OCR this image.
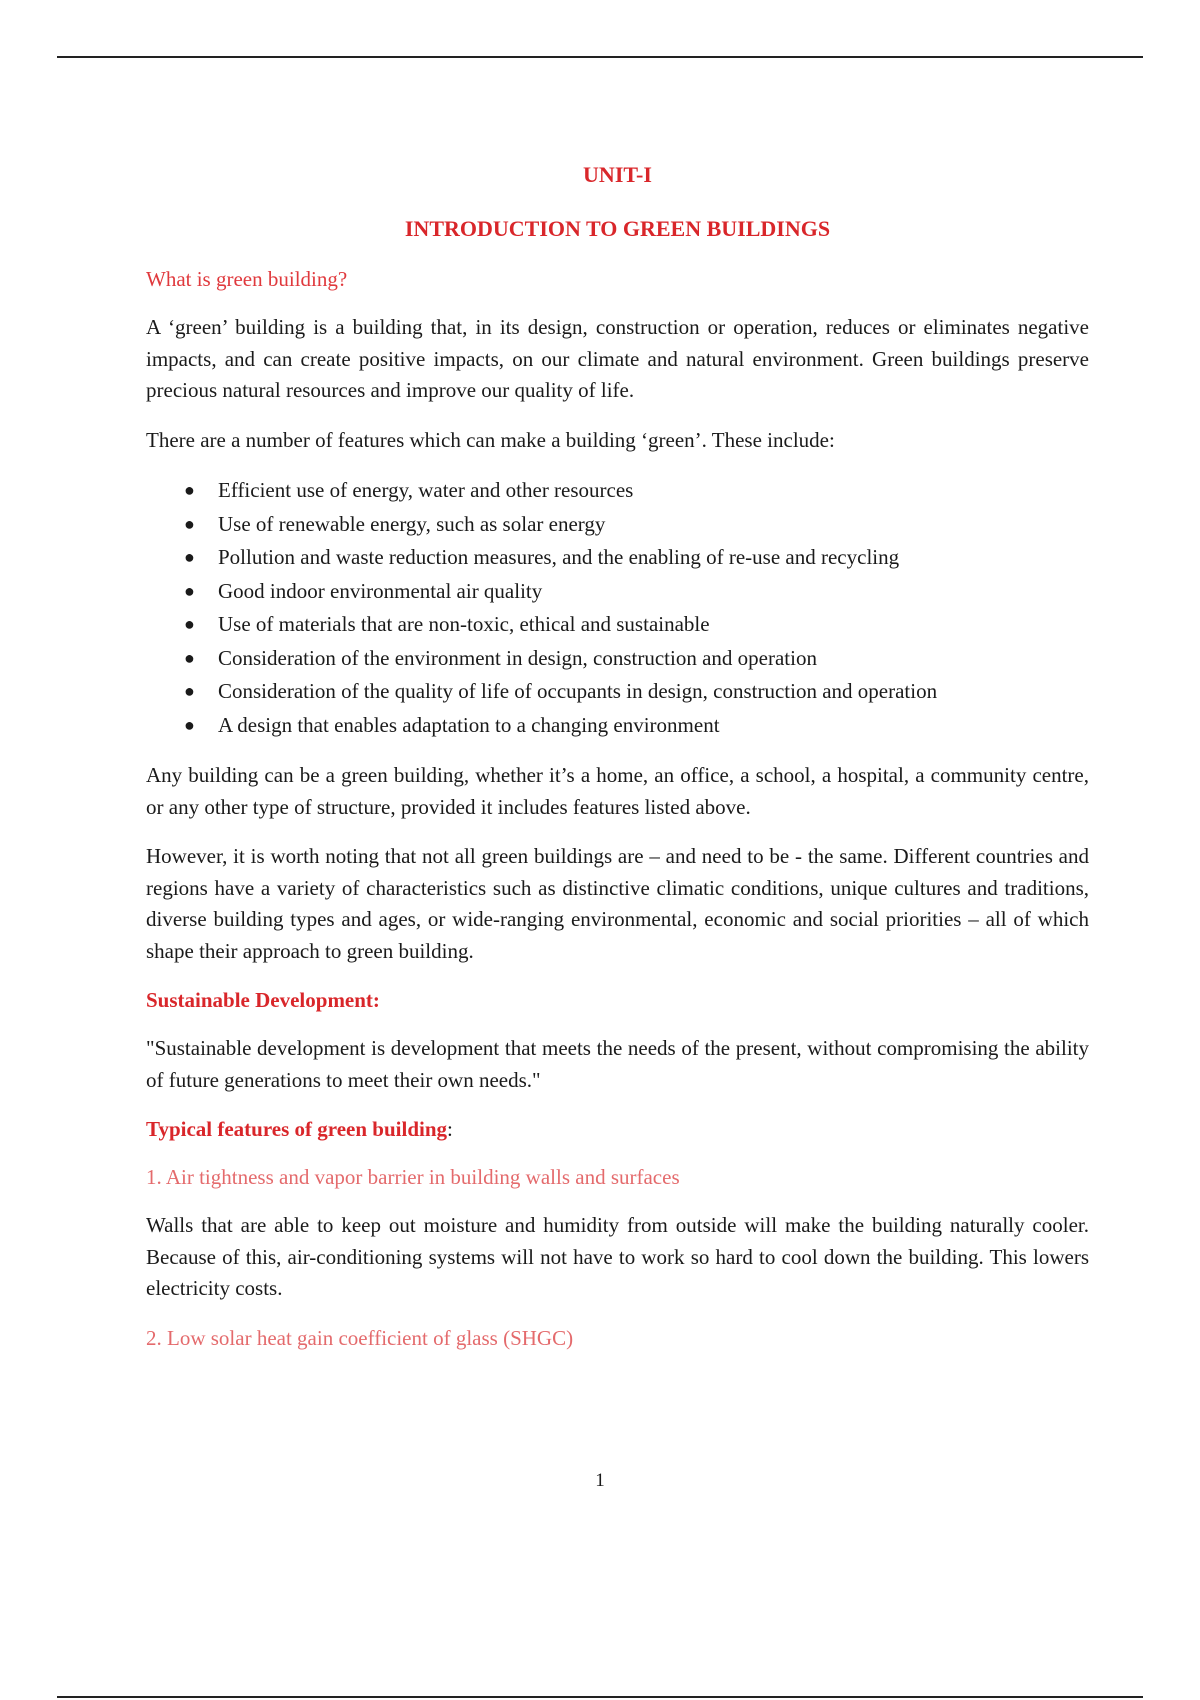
UNIT-I
INTRODUCTION TO GREEN BUILDINGS
What is green building?

A ‘green’ building is a building that, in its design, construction or operation, reduces or eliminates negative impacts, and can create positive impacts, on our climate and natural environment. Green buildings preserve precious natural resources and improve our quality of life.

There are a number of features which can make a building ‘green’. These include:

● Efficient use of energy, water and other resources
● Use of renewable energy, such as solar energy
● Pollution and waste reduction measures, and the enabling of re-use and recycling
● Good indoor environmental air quality
● Use of materials that are non-toxic, ethical and sustainable
● Consideration of the environment in design, construction and operation
● Consideration of the quality of life of occupants in design, construction and operation
● A design that enables adaptation to a changing environment

Any building can be a green building, whether it’s a home, an office, a school, a hospital, a community centre, or any other type of structure, provided it includes features listed above.

However, it is worth noting that not all green buildings are – and need to be - the same. Different countries and regions have a variety of characteristics such as distinctive climatic conditions, unique cultures and traditions, diverse building types and ages, or wide-ranging environmental, economic and social priorities – all of which shape their approach to green building.

Sustainable Development:

"Sustainable development is development that meets the needs of the present, without compromising the ability of future generations to meet their own needs."

Typical features of green building:
1. Air tightness and vapor barrier in building walls and surfaces

Walls that are able to keep out moisture and humidity from outside will make the building naturally cooler. Because of this, air-conditioning systems will not have to work so hard to cool down the building. This lowers electricity costs.

2. Low solar heat gain coefficient of glass (SHGC)
1
